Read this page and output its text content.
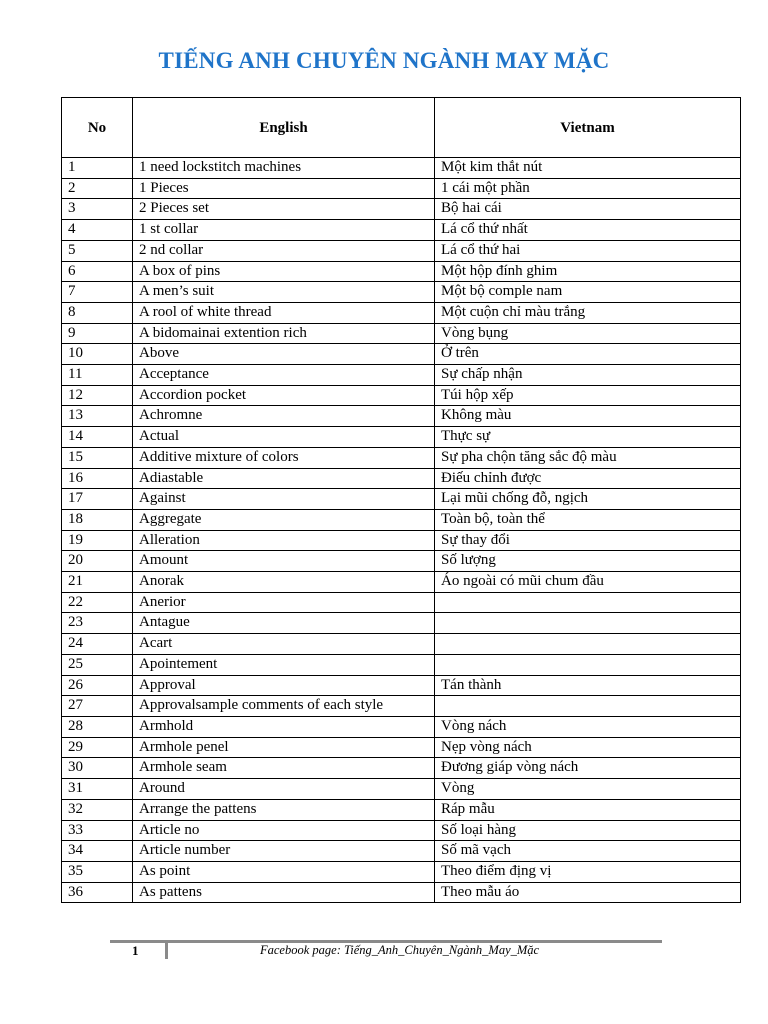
TIẾNG ANH CHUYÊN NGÀNH MAY MẶC
No	English	Vietnam
1	1 need lockstitch machines	Một kim thắt nút
2	1 Pieces	1 cái một phần
3	2 Pieces set	Bộ hai cái
4	1 st collar	Lá cổ thứ nhất
5	2 nd collar	Lá cổ thứ hai
6	A box of pins	Một hộp đính ghim
7	A men’s suit	Một bộ comple nam
8	A rool of white thread	Một cuộn chỉ màu trắng
9	A bidomainai extention rich	Vòng bụng
10	Above	Ở trên
11	Acceptance	Sự chấp nhận
12	Accordion pocket	Túi hộp xếp
13	Achromne	Không màu
14	Actual	Thực sự
15	Additive mixture of colors	Sự pha chộn tăng sắc độ màu
16	Adiastable	Điếu chỉnh được
17	Against	Lại mũi chống đỗ, ngịch
18	Aggregate	Toàn bộ, toàn thể
19	Alleration	Sự thay đổi
20	Amount	Số lượng
21	Anorak	Áo ngoài có mũi chum đầu
22	Anerior	
23	Antague	
24	Acart	
25	Apointement	
26	Approval	Tán thành
27	Approvalsample comments of each style	
28	Armhold	Vòng nách
29	Armhole penel	Nẹp vòng nách
30	Armhole seam	Đương giáp vòng nách
31	Around	Vòng
32	Arrange the pattens	Ráp mẫu
33	Article no	Số loại hàng
34	Article number	Số mã vạch
35	As point	Theo điểm địng vị
36	As pattens	Theo mẫu áo
1	Facebook page: Tiếng_Anh_Chuyên_Ngành_May_Mặc
